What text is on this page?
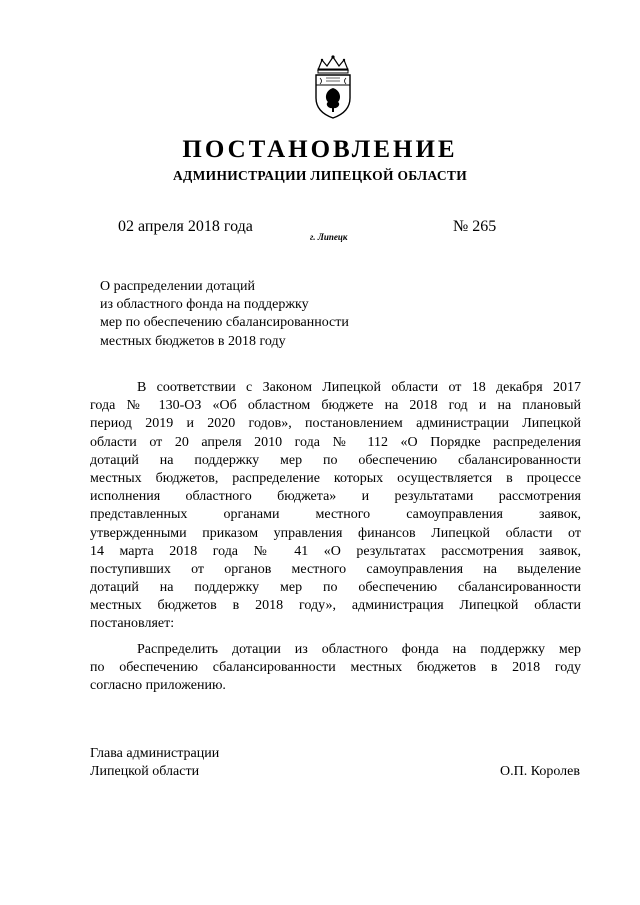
ПОСТАНОВЛЕНИЕ
АДМИНИСТРАЦИИ ЛИПЕЦКОЙ ОБЛАСТИ
02 апреля 2018 года
г. Липецк
№ 265
О распределении дотаций
из областного фонда на поддержку
мер по обеспечению сбалансированности
местных бюджетов в 2018 году
В соответствии с Законом Липецкой области от 18 декабря 2017
года № 130-ОЗ «Об областном бюджете на 2018 год и на плановый
период 2019 и 2020 годов», постановлением администрации Липецкой
области от 20 апреля 2010 года № 112 «О Порядке распределения
дотаций на поддержку мер по обеспечению сбалансированности
местных бюджетов, распределение которых осуществляется в процессе
исполнения областного бюджета» и результатами рассмотрения
представленных органами местного самоуправления заявок,
утвержденными приказом управления финансов Липецкой области от
14 марта 2018 года № 41 «О результатах рассмотрения заявок,
поступивших от органов местного самоуправления на выделение
дотаций на поддержку мер по обеспечению сбалансированности
местных бюджетов в 2018 году», администрация Липецкой области
постановляет:
Распределить дотации из областного фонда на поддержку мер
по обеспечению сбалансированности местных бюджетов в 2018 году
согласно приложению.
Глава администрации
Липецкой области	О.П. Королев
